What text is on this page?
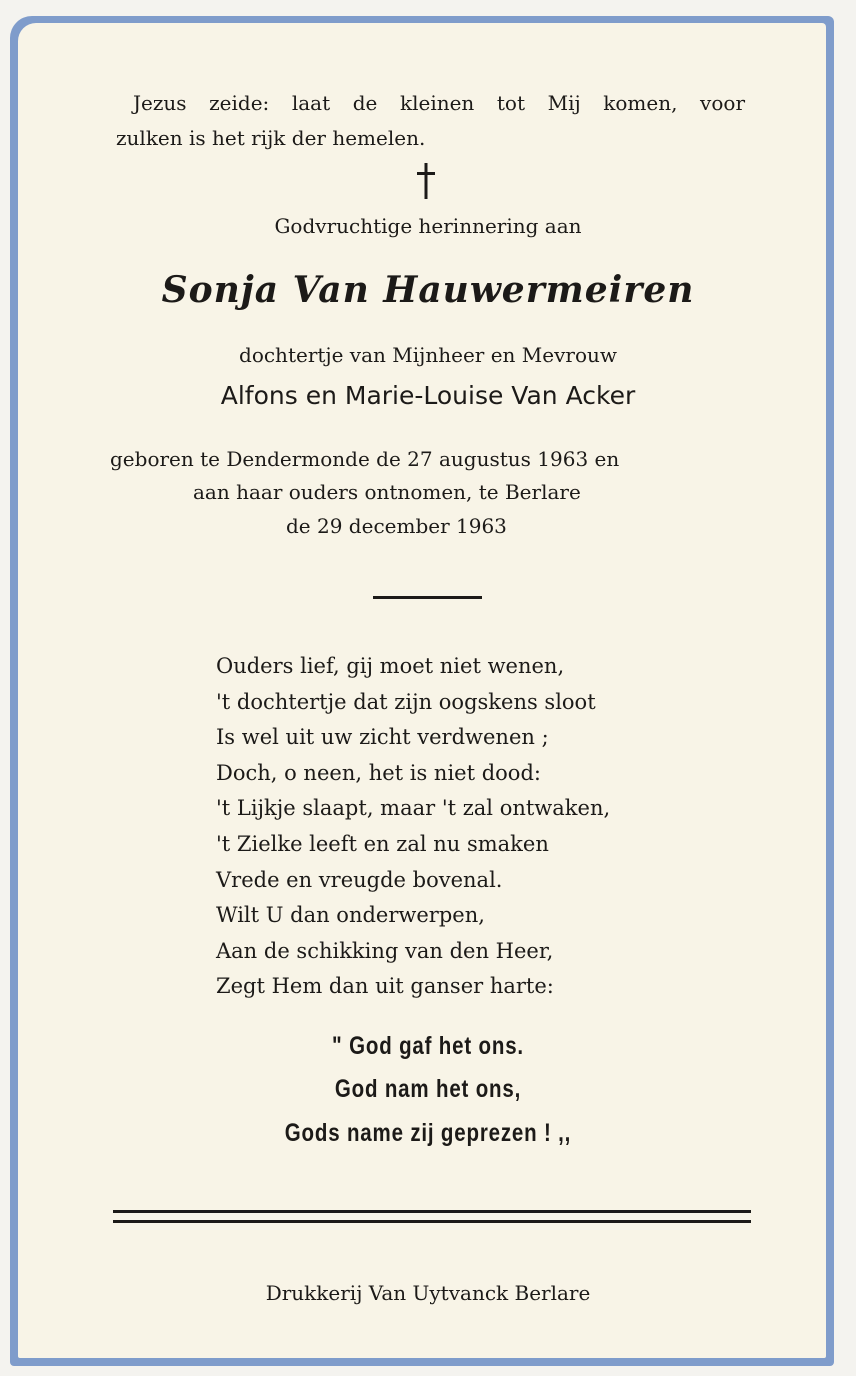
Jezus zeide: laat de kleinen tot Mij komen, voor
zulken is het rijk der hemelen.
Godvruchtige herinnering aan
Sonja Van Hauwermeiren
dochtertje van Mijnheer en Mevrouw
Alfons en Marie-Louise Van Acker
geboren te Dendermonde de 27 augustus 1963 en
aan haar ouders ontnomen, te Berlare
de 29 december 1963
Ouders lief, gij moet niet wenen,
't dochtertje dat zijn oogskens sloot
Is wel uit uw zicht verdwenen ;
Doch, o neen, het is niet dood:
't Lijkje slaapt, maar 't zal ontwaken,
't Zielke leeft en zal nu smaken
Vrede en vreugde bovenal.
Wilt U dan onderwerpen,
Aan de schikking van den Heer,
Zegt Hem dan uit ganser harte:
" God gaf het ons.
God nam het ons,
Gods name zij geprezen ! ,,
Drukkerij Van Uytvanck Berlare
